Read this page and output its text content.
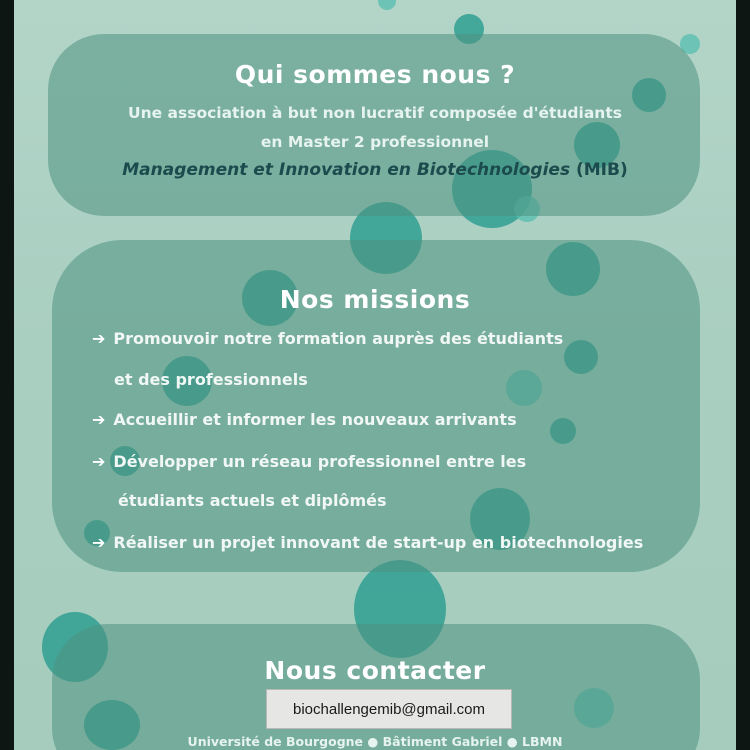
Qui sommes nous ?
Une association à but non lucratif composée d'étudiants
en Master 2 professionnel
Management et Innovation en Biotechnologies (MIB)
Nos missions
➔ Promouvoir notre formation auprès des étudiants
et des professionnels
➔ Accueillir et informer les nouveaux arrivants
➔ Développer un réseau professionnel entre les
étudiants actuels et diplômés
➔ Réaliser un projet innovant de start-up en biotechnologies
Nous contacter
biochallengemib@gmail.com
Université de Bourgogne ● Bâtiment Gabriel ● LBMN
